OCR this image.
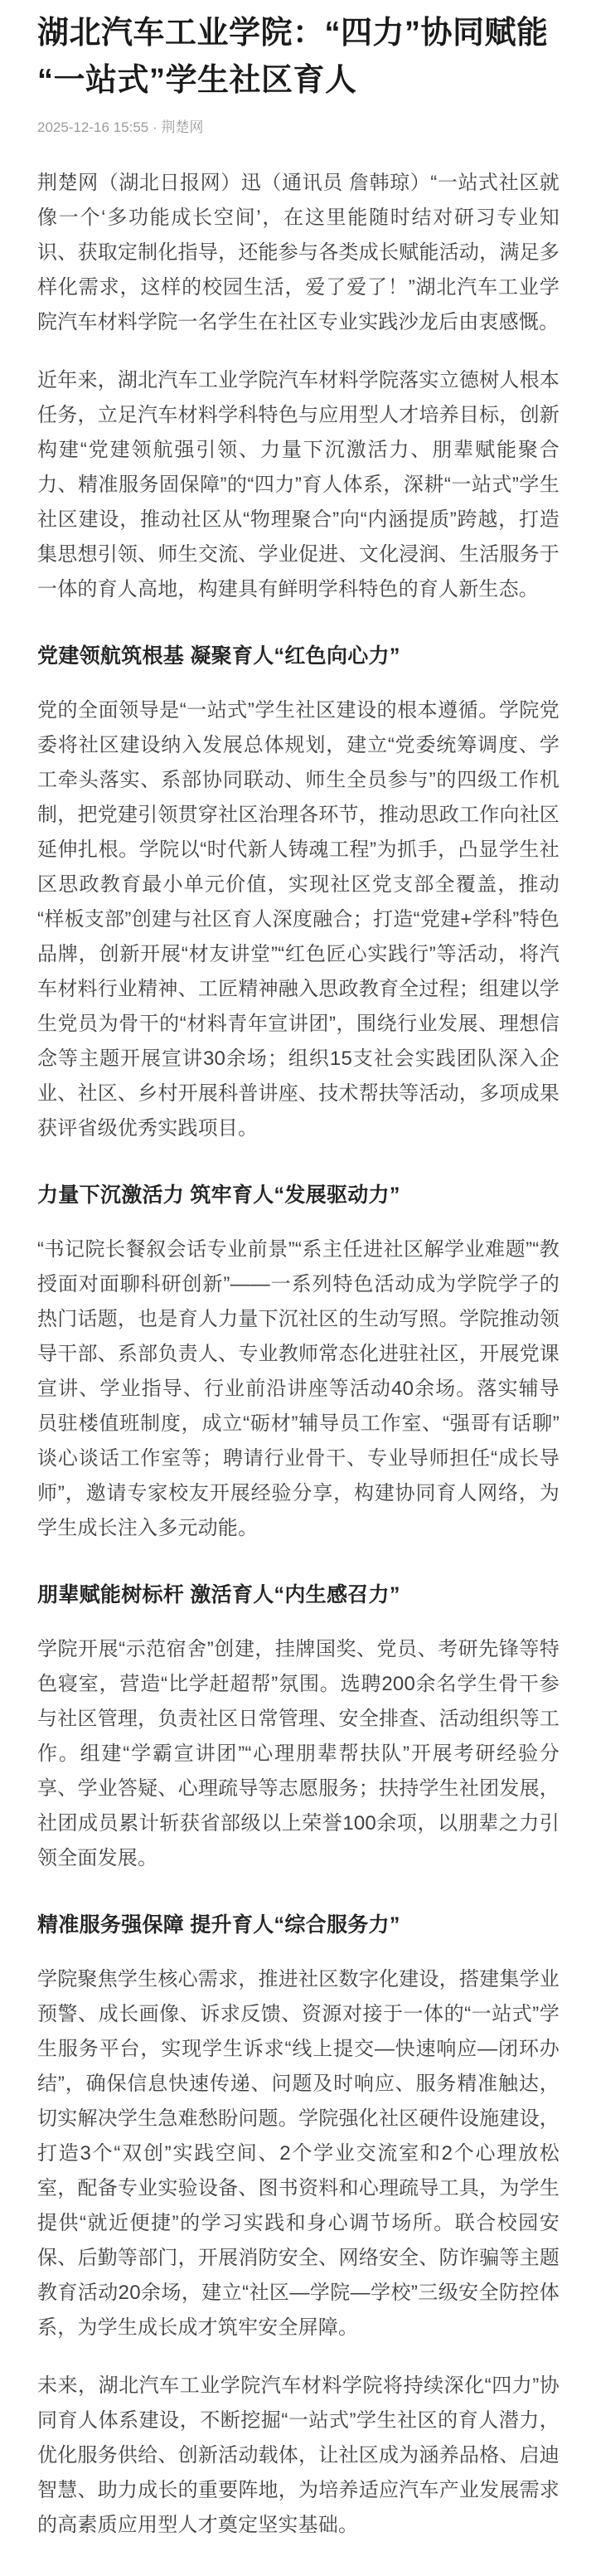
湖北汽车工业学院：“四力”协同赋能“一站式”学生社区育人
2025-12-16 15:55 · 荆楚网

荆楚网（湖北日报网）迅（通讯员 詹韩琼）“一站式社区就像一个‘多功能成长空间’，在这里能随时结对研习专业知识、获取定制化指导，还能参与各类成长赋能活动，满足多样化需求，这样的校园生活，爱了爱了！”湖北汽车工业学院汽车材料学院一名学生在社区专业实践沙龙后由衷感慨。

近年来，湖北汽车工业学院汽车材料学院落实立德树人根本任务，立足汽车材料学科特色与应用型人才培养目标，创新构建“党建领航强引领、力量下沉激活力、朋辈赋能聚合力、精准服务固保障”的“四力”育人体系，深耕“一站式”学生社区建设，推动社区从“物理聚合”向“内涵提质”跨越，打造集思想引领、师生交流、学业促进、文化浸润、生活服务于一体的育人高地，构建具有鲜明学科特色的育人新生态。

党建领航筑根基 凝聚育人“红色向心力”

党的全面领导是“一站式”学生社区建设的根本遵循。学院党委将社区建设纳入发展总体规划，建立“党委统筹调度、学工牵头落实、系部协同联动、师生全员参与”的四级工作机制，把党建引领贯穿社区治理各环节，推动思政工作向社区延伸扎根。学院以“时代新人铸魂工程”为抓手，凸显学生社区思政教育最小单元价值，实现社区党支部全覆盖，推动“样板支部”创建与社区育人深度融合；打造“党建+学科”特色品牌，创新开展“材友讲堂”“红色匠心实践行”等活动，将汽车材料行业精神、工匠精神融入思政教育全过程；组建以学生党员为骨干的“材料青年宣讲团”，围绕行业发展、理想信念等主题开展宣讲30余场；组织15支社会实践团队深入企业、社区、乡村开展科普讲座、技术帮扶等活动，多项成果获评省级优秀实践项目。

力量下沉激活力 筑牢育人“发展驱动力”

“书记院长餐叙会话专业前景”“系主任进社区解学业难题”“教授面对面聊科研创新”——一系列特色活动成为学院学子的热门话题，也是育人力量下沉社区的生动写照。学院推动领导干部、系部负责人、专业教师常态化进驻社区，开展党课宣讲、学业指导、行业前沿讲座等活动40余场。落实辅导员驻楼值班制度，成立“砺材”辅导员工作室、“强哥有话聊”谈心谈话工作室等；聘请行业骨干、专业导师担任“成长导师”，邀请专家校友开展经验分享，构建协同育人网络，为学生成长注入多元动能。

朋辈赋能树标杆 激活育人“内生感召力”

学院开展“示范宿舍”创建，挂牌国奖、党员、考研先锋等特色寝室，营造“比学赶超帮”氛围。选聘200余名学生骨干参与社区管理，负责社区日常管理、安全排查、活动组织等工作。组建“学霸宣讲团”“心理朋辈帮扶队”开展考研经验分享、学业答疑、心理疏导等志愿服务；扶持学生社团发展，社团成员累计斩获省部级以上荣誉100余项，以朋辈之力引领全面发展。

精准服务强保障 提升育人“综合服务力”

学院聚焦学生核心需求，推进社区数字化建设，搭建集学业预警、成长画像、诉求反馈、资源对接于一体的“一站式”学生服务平台，实现学生诉求“线上提交—快速响应—闭环办结”，确保信息快速传递、问题及时响应、服务精准触达，切实解决学生急难愁盼问题。学院强化社区硬件设施建设，打造3个“双创”实践空间、2个学业交流室和2个心理放松室，配备专业实验设备、图书资料和心理疏导工具，为学生提供“就近便捷”的学习实践和身心调节场所。联合校园安保、后勤等部门，开展消防安全、网络安全、防诈骗等主题教育活动20余场，建立“社区—学院—学校”三级安全防控体系，为学生成长成才筑牢安全屏障。

未来，湖北汽车工业学院汽车材料学院将持续深化“四力”协同育人体系建设，不断挖掘“一站式”学生社区的育人潜力，优化服务供给、创新活动载体，让社区成为涵养品格、启迪智慧、助力成长的重要阵地，为培养适应汽车产业发展需求的高素质应用型人才奠定坚实基础。
